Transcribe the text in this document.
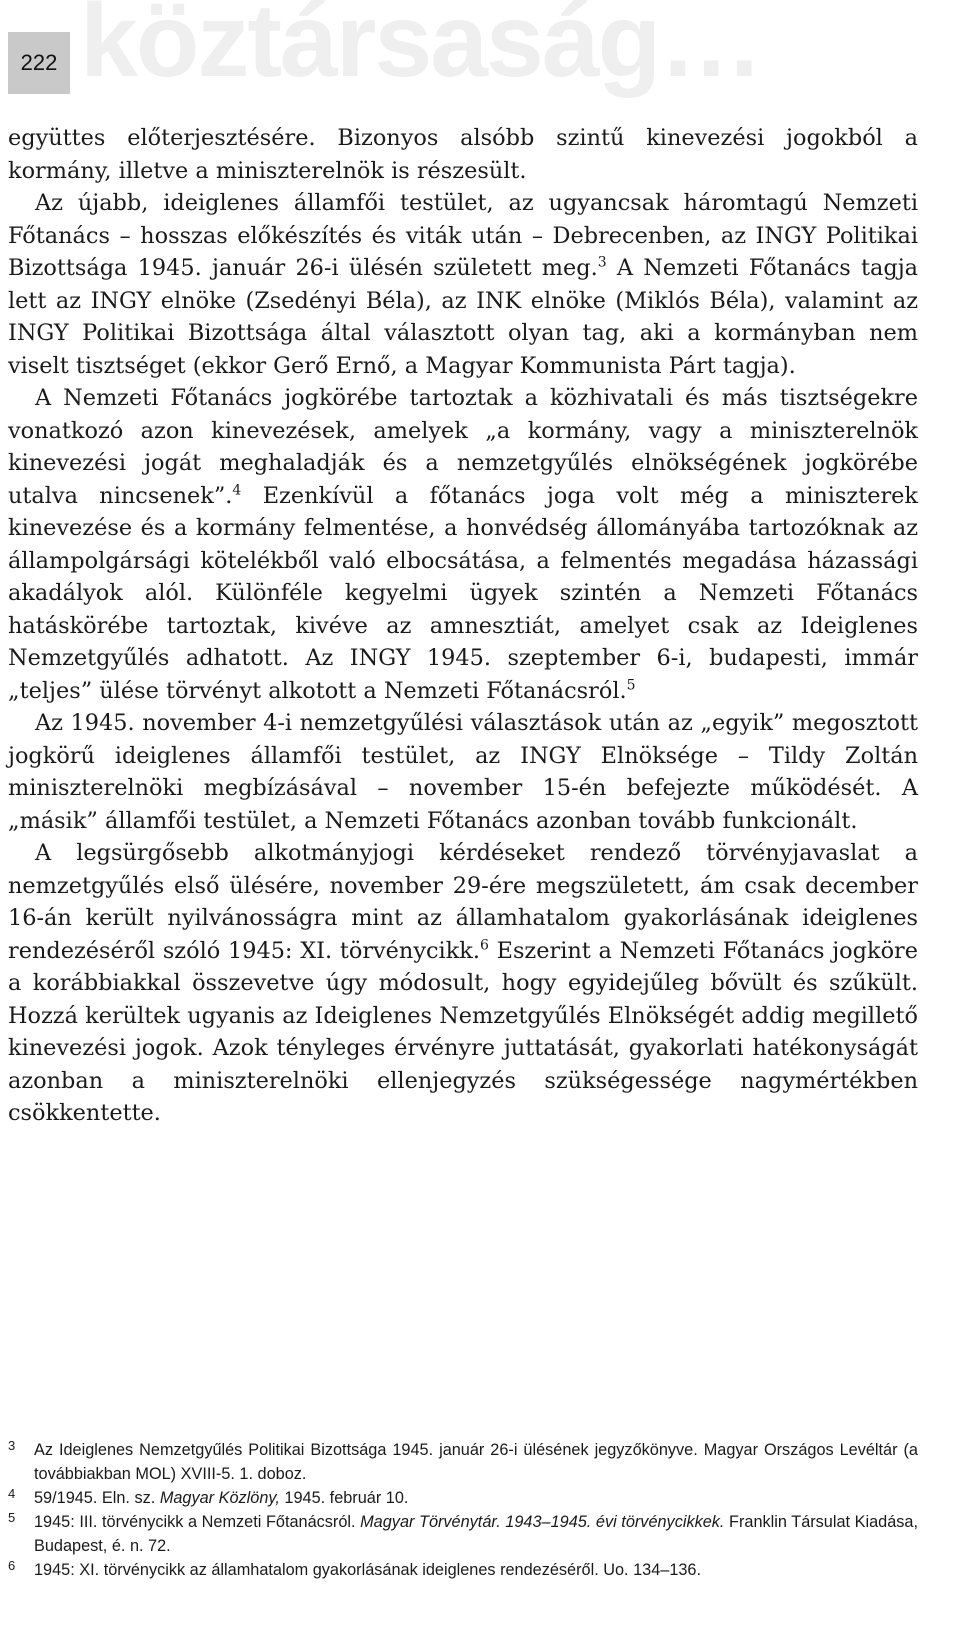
köztársaság…
222

együttes előterjesztésére. Bizonyos alsóbb szintű kinevezési jogokból a kormány, illetve a miniszterelnök is részesült.

Az újabb, ideiglenes államfői testület, az ugyancsak háromtagú Nemzeti Főtanács – hosszas előkészítés és viták után – Debrecenben, az INGY Politikai Bizottsága 1945. január 26-i ülésén született meg.$^3$ A Nemzeti Főtanács tagja lett az INGY elnöke (Zsedényi Béla), az INK elnöke (Miklós Béla), valamint az INGY Politikai Bizottsága által választott olyan tag, aki a kormányban nem viselt tisztséget (ekkor Gerő Ernő, a Magyar Kommunista Párt tagja).

A Nemzeti Főtanács jogkörébe tartoztak a közhivatali és más tisztségekre vonatkozó azon kinevezések, amelyek „a kormány, vagy a miniszterelnök kinevezési jogát meghaladják és a nemzetgyűlés elnökségének jogkörébe utalva nincsenek”.$^4$ Ezenkívül a főtanács joga volt még a miniszterek kinevezése és a kormány felmentése, a honvédség állományába tartozóknak az állampolgársági kötelékből való elbocsátása, a felmentés megadása házassági akadályok alól. Különféle kegyelmi ügyek szintén a Nemzeti Főtanács hatáskörébe tartoztak, kivéve az amnesztiát, amelyet csak az Ideiglenes Nemzetgyűlés adhatott. Az INGY 1945. szeptember 6-i, budapesti, immár „teljes” ülése törvényt alkotott a Nemzeti Főtanácsról.$^5$

Az 1945. november 4-i nemzetgyűlési választások után az „egyik” megosztott jogkörű ideiglenes államfői testület, az INGY Elnöksége – Tildy Zoltán miniszterelnöki megbízásával – november 15-én befejezte működését. A „másik” államfői testület, a Nemzeti Főtanács azonban tovább funkcionált.

A legsürgősebb alkotmányjogi kérdéseket rendező törvényjavaslat a nemzetgyűlés első ülésére, november 29-ére megszületett, ám csak december 16-án került nyilvánosságra mint az államhatalom gyakorlásának ideiglenes rendezéséről szóló 1945: XI. törvénycikk.$^6$ Eszerint a Nemzeti Főtanács jogköre a korábbiakkal összevetve úgy módosult, hogy egyidejűleg bővült és szűkült. Hozzá kerültek ugyanis az Ideiglenes Nemzetgyűlés Elnökségét addig megillető kinevezési jogok. Azok tényleges érvényre juttatását, gyakorlati hatékonyságát azonban a miniszterelnöki ellenjegyzés szükségessége nagymértékben csökkentette.

3	Az Ideiglenes Nemzetgyűlés Politikai Bizottsága 1945. január 26-i ülésének jegyzőkönyve. Magyar Országos Levéltár (a továbbiakban MOL) XVIII-5. 1. doboz.
4	59/1945. Eln. sz. Magyar Közlöny, 1945. február 10.
5	1945: III. törvénycikk a Nemzeti Főtanácsról. Magyar Törvénytár. 1943–1945. évi törvénycikkek. Franklin Társulat Kiadása, Budapest, é. n. 72.
6	1945: XI. törvénycikk az államhatalom gyakorlásának ideiglenes rendezéséről. Uo. 134–136.
